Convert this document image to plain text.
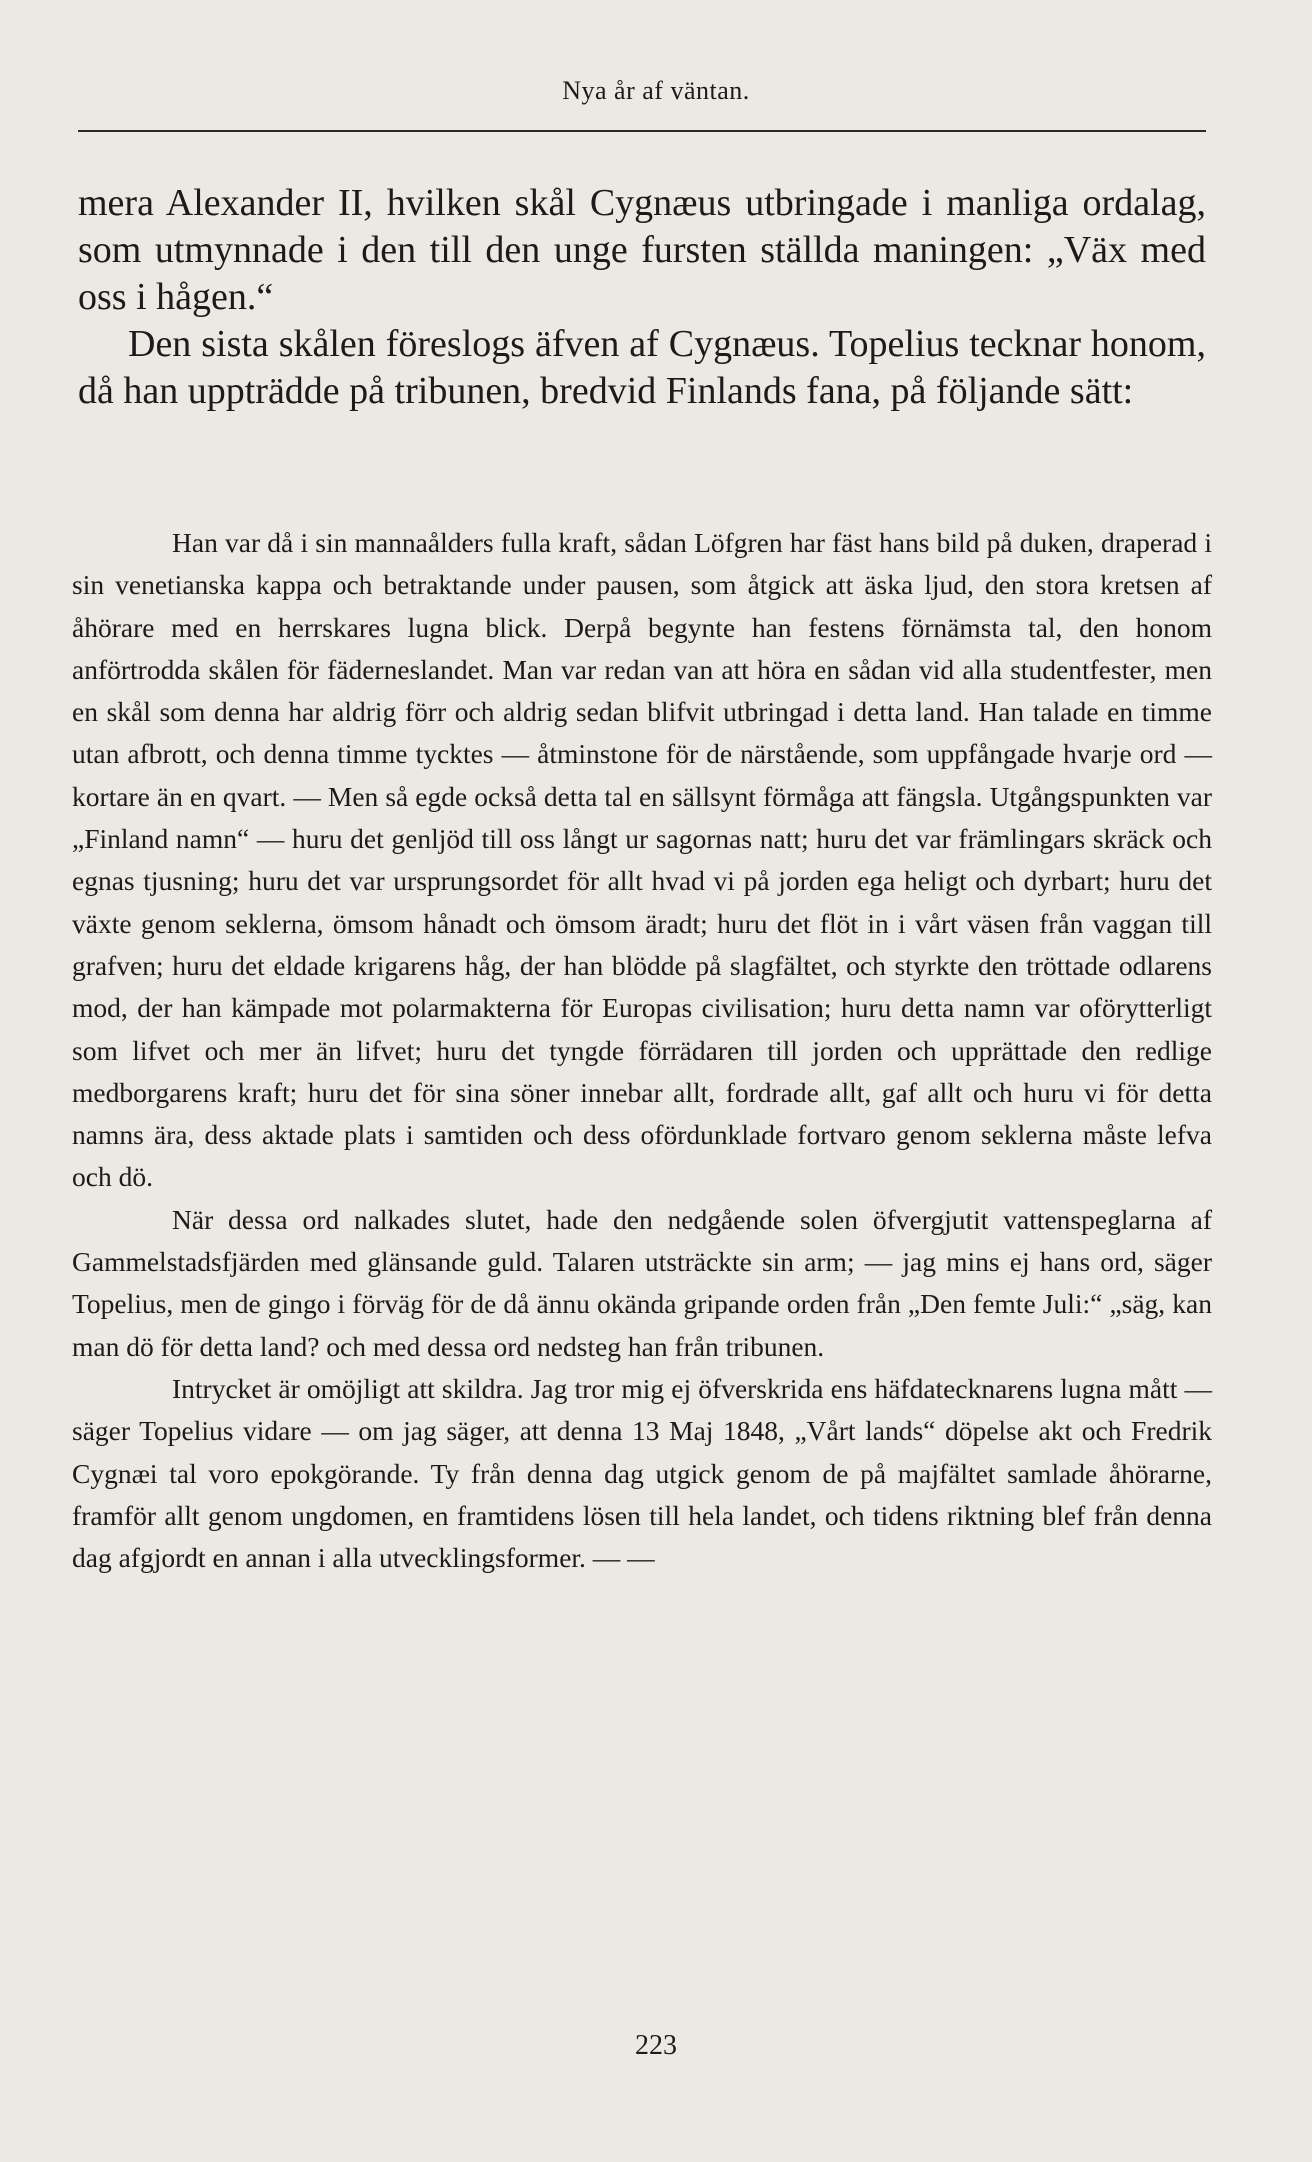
Nya år af väntan.

mera Alexander II, hvilken skål Cygnæus utbringade i manliga ordalag, som utmynnade i den till den unge fursten ställda maningen: „Väx med oss i hågen.“

Den sista skålen föreslogs äfven af Cygnæus. Topelius tecknar honom, då han uppträdde på tribunen, bredvid Finlands fana, på följande sätt:

Han var då i sin mannaålders fulla kraft, sådan Löfgren har fäst hans bild på duken, draperad i sin venetianska kappa och betraktande under pausen, som åtgick att äska ljud, den stora kretsen af åhörare med en herrskares lugna blick. Derpå begynte han festens förnämsta tal, den honom anförtrodda skålen för fäderneslandet. Man var redan van att höra en sådan vid alla studentfester, men en skål som denna har aldrig förr och aldrig sedan blifvit utbringad i detta land. Han talade en timme utan afbrott, och denna timme tycktes — åtminstone för de närstående, som uppfångade hvarje ord — kortare än en qvart. — Men så egde också detta tal en sällsynt förmåga att fängsla. Utgångspunkten var „Finland namn“ — huru det genljöd till oss långt ur sagornas natt; huru det var främlingars skräck och egnas tjusning; huru det var ursprungsordet för allt hvad vi på jorden ega heligt och dyrbart; huru det växte genom seklerna, ömsom hånadt och ömsom äradt; huru det flöt in i vårt väsen från vaggan till grafven; huru det eldade krigarens håg, der han blödde på slagfältet, och styrkte den tröttade odlarens mod, der han kämpade mot polarmakterna för Europas civilisation; huru detta namn var oförytterligt som lifvet och mer än lifvet; huru det tyngde förrädaren till jorden och upprättade den redlige medborgarens kraft; huru det för sina söner innebar allt, fordrade allt, gaf allt och huru vi för detta namns ära, dess aktade plats i samtiden och dess ofördunklade fortvaro genom seklerna måste lefva och dö.

När dessa ord nalkades slutet, hade den nedgående solen öfvergjutit vattenspeglarna af Gammelstadsfjärden med glänsande guld. Talaren utsträckte sin arm; — jag mins ej hans ord, säger Topelius, men de gingo i förväg för de då ännu okända gripande orden från „Den femte Juli:“ „säg, kan man dö för detta land? och med dessa ord nedsteg han från tribunen.

Intrycket är omöjligt att skildra. Jag tror mig ej öfverskrida ens häfdatecknarens lugna mått — säger Topelius vidare — om jag säger, att denna 13 Maj 1848, „Vårt lands“ döpelse akt och Fredrik Cygnæi tal voro epokgörande. Ty från denna dag utgick genom de på majfältet samlade åhörarne, framför allt genom ungdomen, en framtidens lösen till hela landet, och tidens riktning blef från denna dag afgjordt en annan i alla utvecklingsformer. — —

223
